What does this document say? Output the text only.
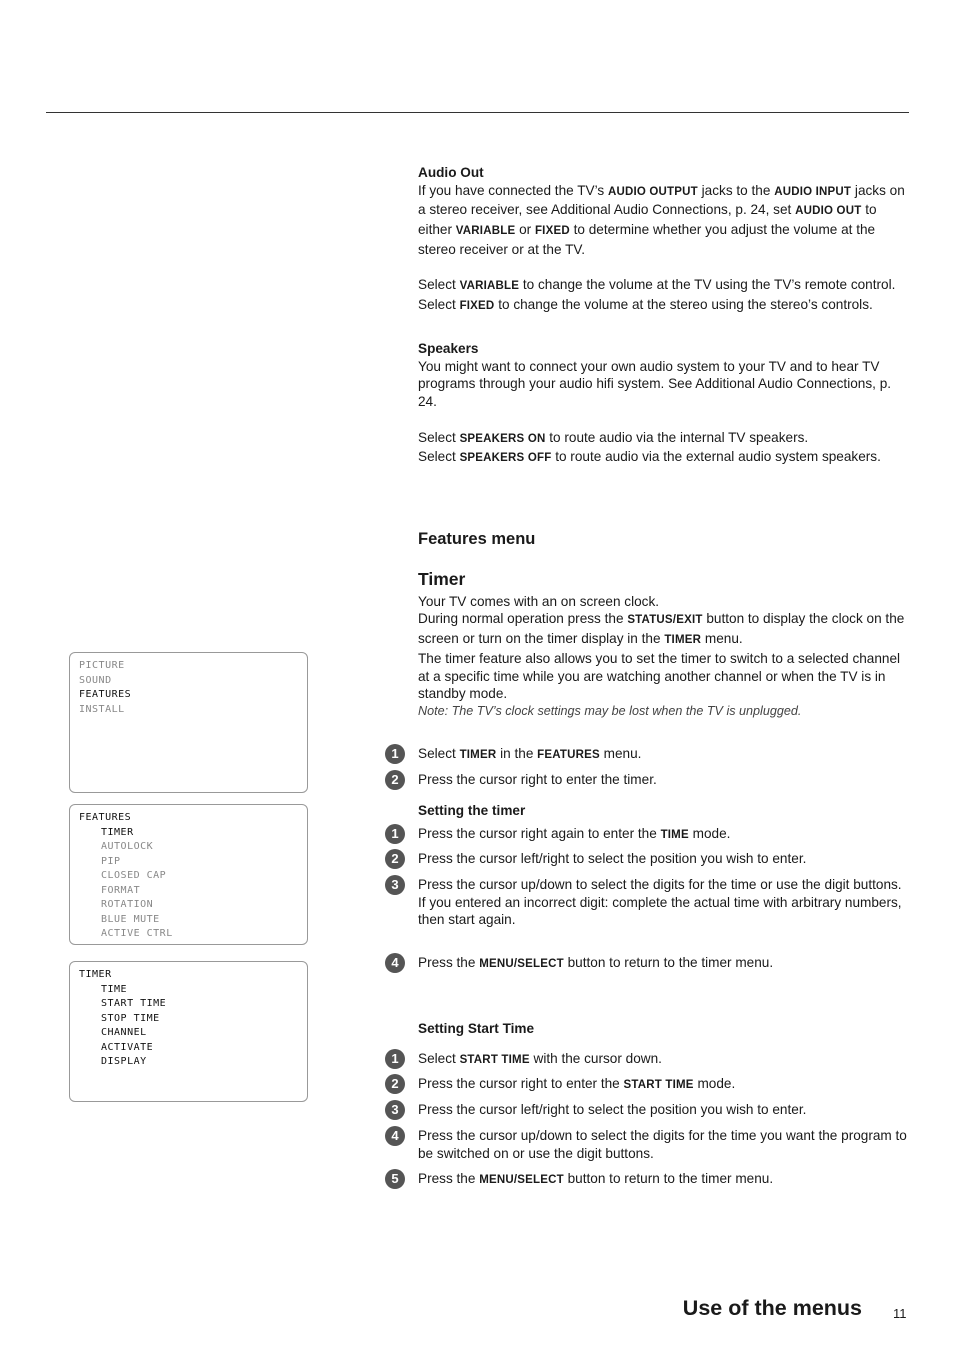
Audio Out

If you have connected the TV’s AUDIO OUTPUT jacks to the AUDIO INPUT jacks on a stereo receiver, see Additional Audio Connections, p. 24, set AUDIO OUT to either VARIABLE or FIXED to determine whether you adjust the volume at the stereo receiver or at the TV.

Select VARIABLE to change the volume at the TV using the TV’s remote control.

Select FIXED to change the volume at the stereo using the stereo’s controls.

Speakers

You might want to connect your own audio system to your TV and to hear TV programs through your audio hifi system. See Additional Audio Connections, p. 24.

Select SPEAKERS ON to route audio via the internal TV speakers.

Select SPEAKERS OFF to route audio via the external audio system speakers.

Features menu

Timer

Your TV comes with an on screen clock.

During normal operation press the STATUS/EXIT button to display the clock on the screen or turn on the timer display in the TIMER menu.

The timer feature also allows you to set the timer to switch to a selected channel at a specific time while you are watching another channel or when the TV is in standby mode.

Note: The TV’s clock settings may be lost when the TV is unplugged.

1	Select TIMER in the FEATURES menu.
2	Press the cursor right to enter the timer.

Setting the timer

1	Press the cursor right again to enter the TIME mode.
2	Press the cursor left/right to select the position you wish to enter.
3	Press the cursor up/down to select the digits for the time or use the digit buttons.
If you entered an incorrect digit: complete the actual time with arbitrary numbers, then start again.
4	Press the MENU/SELECT button to return to the timer menu.

Setting Start Time

1	Select START TIME with the cursor down.
2	Press the cursor right to enter the START TIME mode.
3	Press the cursor left/right to select the position you wish to enter.
4	Press the cursor up/down to select the digits for the time you want the program to be switched on or use the digit buttons.
5	Press the MENU/SELECT button to return to the timer menu.
PICTURE
SOUND
FEATURES
INSTALL
FEATURES
TIMER
AUTOLOCK
PIP
CLOSED CAP
FORMAT
ROTATION
BLUE MUTE
ACTIVE CTRL
TIMER
TIME
START TIME
STOP TIME
CHANNEL
ACTIVATE
DISPLAY
Use of the menus 11
